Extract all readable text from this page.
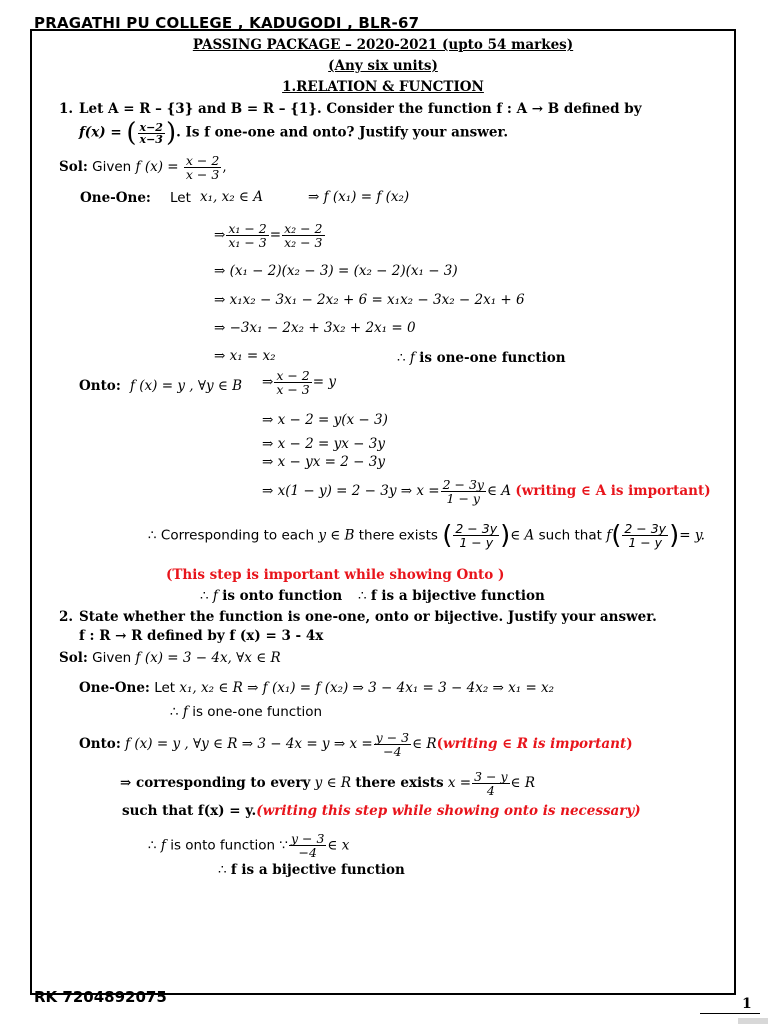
PRAGATHI PU COLLEGE , KADUGODI , BLR-67
PASSING PACKAGE – 2020-2021 (upto 54 markes)
(Any six units)
1.RELATION & FUNCTION
1. Let A = R – {3} and B = R – {1}. Consider the function f : A → B defined by
f(x) = ( $\frac{x-2}{x-3}$ ). Is f one-one and onto? Justify your answer.
Sol: Given f $(x) = \frac{x - 2}{x - 3}$ ,
One-One: Let x₁, x₂ ∈ A	⇒ f (x₁) = f (x₂)
⇒ $\frac{\text{x₁ − 2}}{\text{x₁ − 3}} = \frac{\text{x₂ − 2}}{\text{x₂ − 3}}$
⇒ (x₁ − 2)(x₂ − 3) = (x₂ − 2)(x₁ − 3)
⇒ x₁x₂ − 3x₁ − 2x₂ + 6 = x₁x₂ − 3x₂ − 2x₁ + 6
⇒ −3x₁ − 2x₂ + 3x₂ + 2x₁ = 0
⇒ x₁ = x₂	∴ f is one-one function
Onto: f (x) = y , ∀y ∈ B ⇒ $\frac{x - 2}{x - 3} = y$
⇒ x − 2 = y(x − 3)
⇒ x − 2 = yx − 3y
⇒ x − yx = 2 − 3y
⇒ x(1 − y) = 2 − 3y ⇒ $x = \frac{2 - 3y}{1 - y}$ ∈ A (writing ∈ A is important)
∴ Corresponding to each y ∈ B there exists ( $\frac{2 - 3y}{1 - y}$ )∈ A such that $f( \frac{2 - 3y}{1 - y}$ )= y.
(This step is important while showing Onto )
∴ f is onto function ∴ f is a bijective function
2. State whether the function is one-one, onto or bijective. Justify your answer.
f : R → R defined by f (x) = 3 - 4x
Sol: Given f (x) = 3 − 4x, ∀x ∈ R
One-One: Let x₁, x₂ ∈ R ⇒ f (x₁) = f (x₂) ⇒ 3 − 4x₁ = 3 − 4x₂ ⇒ x₁ = x₂
∴ f is one-one function
Onto: f (x) = y , ∀y ∈ R ⇒ 3 − 4x = y ⇒ $x = \frac{y - 3}{-4}$ ∈ R(writing ∈ R is important)
⇒ corresponding to every y ∈ R there exists $x = \frac{3 - y}{4}$ ∈ R
such that f(x) = y.(writing this step while showing onto is necessary)
∴ f is onto function ∵ $\frac{y - 3}{-4}$ ∈ x
∴ f is a bijective function
RK 7204892075	1
